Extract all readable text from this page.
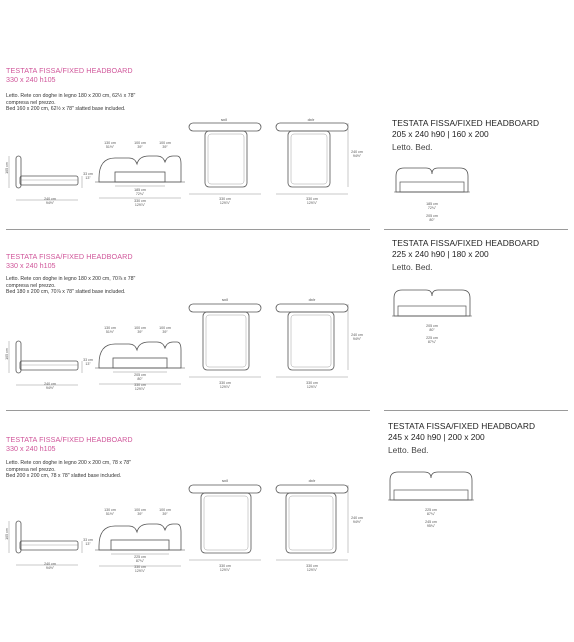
TESTATA FISSA/FIXED HEADBOARD
330 x 240 h105
Letto. Rete con doghe in legno 180 x 200 cm, 62½ x 78"
compresa nel prezzo.
Bed 160 x 200 cm, 62½ x 78" slatted base included.
105 cm
33 cm
13"
240 cm
94½"
130 cm
51½"
100 cm
39"
100 cm
39"
185 cm
72¾"
330 cm
129⅞"
sx/l
330 cm
129⅞"
dx/r
330 cm
129⅞"
240 cm
94½"
TESTATA FISSA/FIXED HEADBOARD
330 x 240 h105
Letto. Rete con doghe in legno 180 x 200 cm, 70⅞ x 78"
compresa nel prezzo.
Bed 180 x 200 cm, 70⅞ x 78" slatted base included.
105 cm
33 cm
13"
240 cm
94½"
130 cm
51½"
100 cm
39"
100 cm
39"
205 cm
80"
330 cm
129⅞"
sx/l
330 cm
129⅞"
dx/r
330 cm
129⅞"
240 cm
94½"
TESTATA FISSA/FIXED HEADBOARD
330 x 240 h105
Letto. Rete con doghe in legno 200 x 200 cm, 78 x 78"
compresa nel prezzo.
Bed 200 x 200 cm, 78 x 78" slatted base included.
105 cm
33 cm
13"
240 cm
94½"
130 cm
51½"
100 cm
39"
100 cm
39"
225 cm
87¾"
330 cm
129⅞"
sx/l
330 cm
129⅞"
dx/r
330 cm
129⅞"
240 cm
94½"
TESTATA FISSA/FIXED HEADBOARD
205 x 240 h90 | 160 x 200
Letto. Bed.
185 cm
72¾"
205 cm
80"
TESTATA FISSA/FIXED HEADBOARD
225 x 240 h90 | 180 x 200
Letto. Bed.
205 cm
80"
225 cm
87¾"
TESTATA FISSA/FIXED HEADBOARD
245 x 240 h90 | 200 x 200
Letto. Bed.
225 cm
87¾"
245 cm
95¾"
